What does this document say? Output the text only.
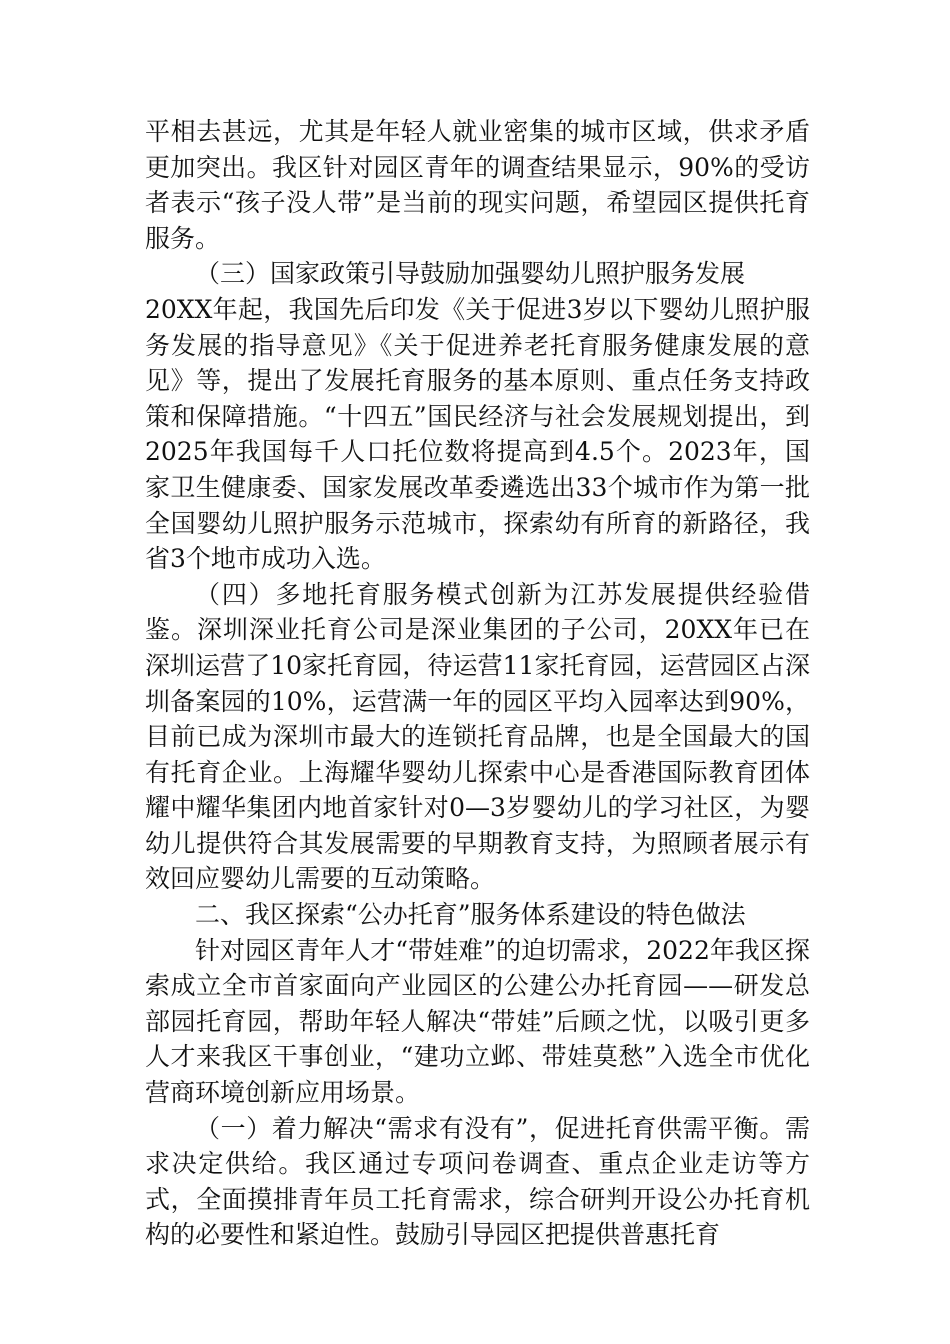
平相去甚远，尤其是年轻人就业密集的城市区域，供求矛盾更加突出。我区针对园区青年的调查结果显示，90%的受访者表示“孩子没人带”是当前的现实问题，希望园区提供托育服务。

（三）国家政策引导鼓励加强婴幼儿照护服务发展

20XX年起，我国先后印发《关于促进3岁以下婴幼儿照护服务发展的指导意见》《关于促进养老托育服务健康发展的意见》等，提出了发展托育服务的基本原则、重点任务支持政策和保障措施。“十四五”国民经济与社会发展规划提出，到2025年我国每千人口托位数将提高到4.5个。2023年，国家卫生健康委、国家发展改革委遴选出33个城市作为第一批全国婴幼儿照护服务示范城市，探索幼有所育的新路径，我省3个地市成功入选。

（四）多地托育服务模式创新为江苏发展提供经验借鉴。深圳深业托育公司是深业集团的子公司，20XX年已在深圳运营了10家托育园，待运营11家托育园，运营园区占深圳备案园的10%，运营满一年的园区平均入园率达到90%，目前已成为深圳市最大的连锁托育品牌，也是全国最大的国有托育企业。上海耀华婴幼儿探索中心是香港国际教育团体耀中耀华集团内地首家针对0—3岁婴幼儿的学习社区，为婴幼儿提供符合其发展需要的早期教育支持，为照顾者展示有效回应婴幼儿需要的互动策略。

二、我区探索“公办托育”服务体系建设的特色做法

针对园区青年人才“带娃难”的迫切需求，2022年我区探索成立全市首家面向产业园区的公建公办托育园——研发总部园托育园，帮助年轻人解决“带娃”后顾之忧，以吸引更多人才来我区干事创业，“建功立邺、带娃莫愁”入选全市优化营商环境创新应用场景。

（一）着力解决“需求有没有”，促进托育供需平衡。需求决定供给。我区通过专项问卷调查、重点企业走访等方式，全面摸排青年员工托育需求，综合研判开设公办托育机构的必要性和紧迫性。鼓励引导园区把提供普惠托育
